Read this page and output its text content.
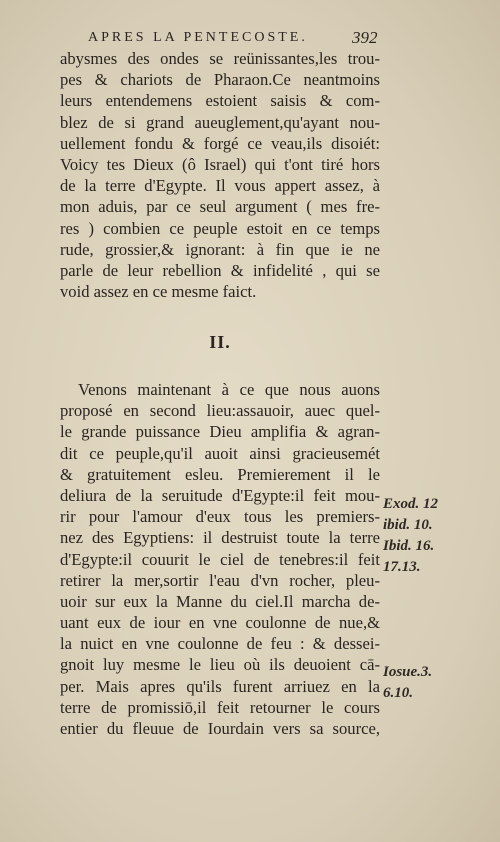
APRES LA PENTECOSTE.	392
abysmes des ondes se reünissantes,les trou-
pes & chariots de Pharaon.Ce neantmoins
leurs entendemens estoient saisis & com-
blez de si grand aueuglement,qu'ayant nou-
uellement fondu & forgé ce veau,ils disoiét:
Voicy tes Dieux (ô Israel) qui t'ont tiré hors
de la terre d'Egypte. Il vous appert assez, à
mon aduis, par ce seul argument ( mes fre-
res ) combien ce peuple estoit en ce temps
rude, grossier,& ignorant: à fin que ie ne
parle de leur rebellion & infidelité , qui se
void assez en ce mesme faict.
II.
Venons maintenant à ce que nous auons
proposé en second lieu:assauoir, auec quel-
le grande puissance Dieu amplifia & agran-
dit ce peuple,qu'il auoit ainsi gracieusemét
& gratuitement esleu. Premierement il le
deliura de la seruitude d'Egypte:il feit mou-
rir pour l'amour d'eux tous les premiers-
nez des Egyptiens: il destruist toute la terre
d'Egypte:il couurit le ciel de tenebres:il feit
retirer la mer,sortir l'eau d'vn rocher, pleu-
uoir sur eux la Manne du ciel.Il marcha de-
uant eux de iour en vne coulonne de nue,&
la nuict en vne coulonne de feu : & dessei-
gnoit luy mesme le lieu où ils deuoient cā-
per. Mais apres qu'ils furent arriuez en la
terre de promissiō,il feit retourner le cours
entier du fleuue de Iourdain vers sa source,
Exod. 12
ibid. 10.
Ibid. 16.
17.13.
Iosue.3.
6.10.
